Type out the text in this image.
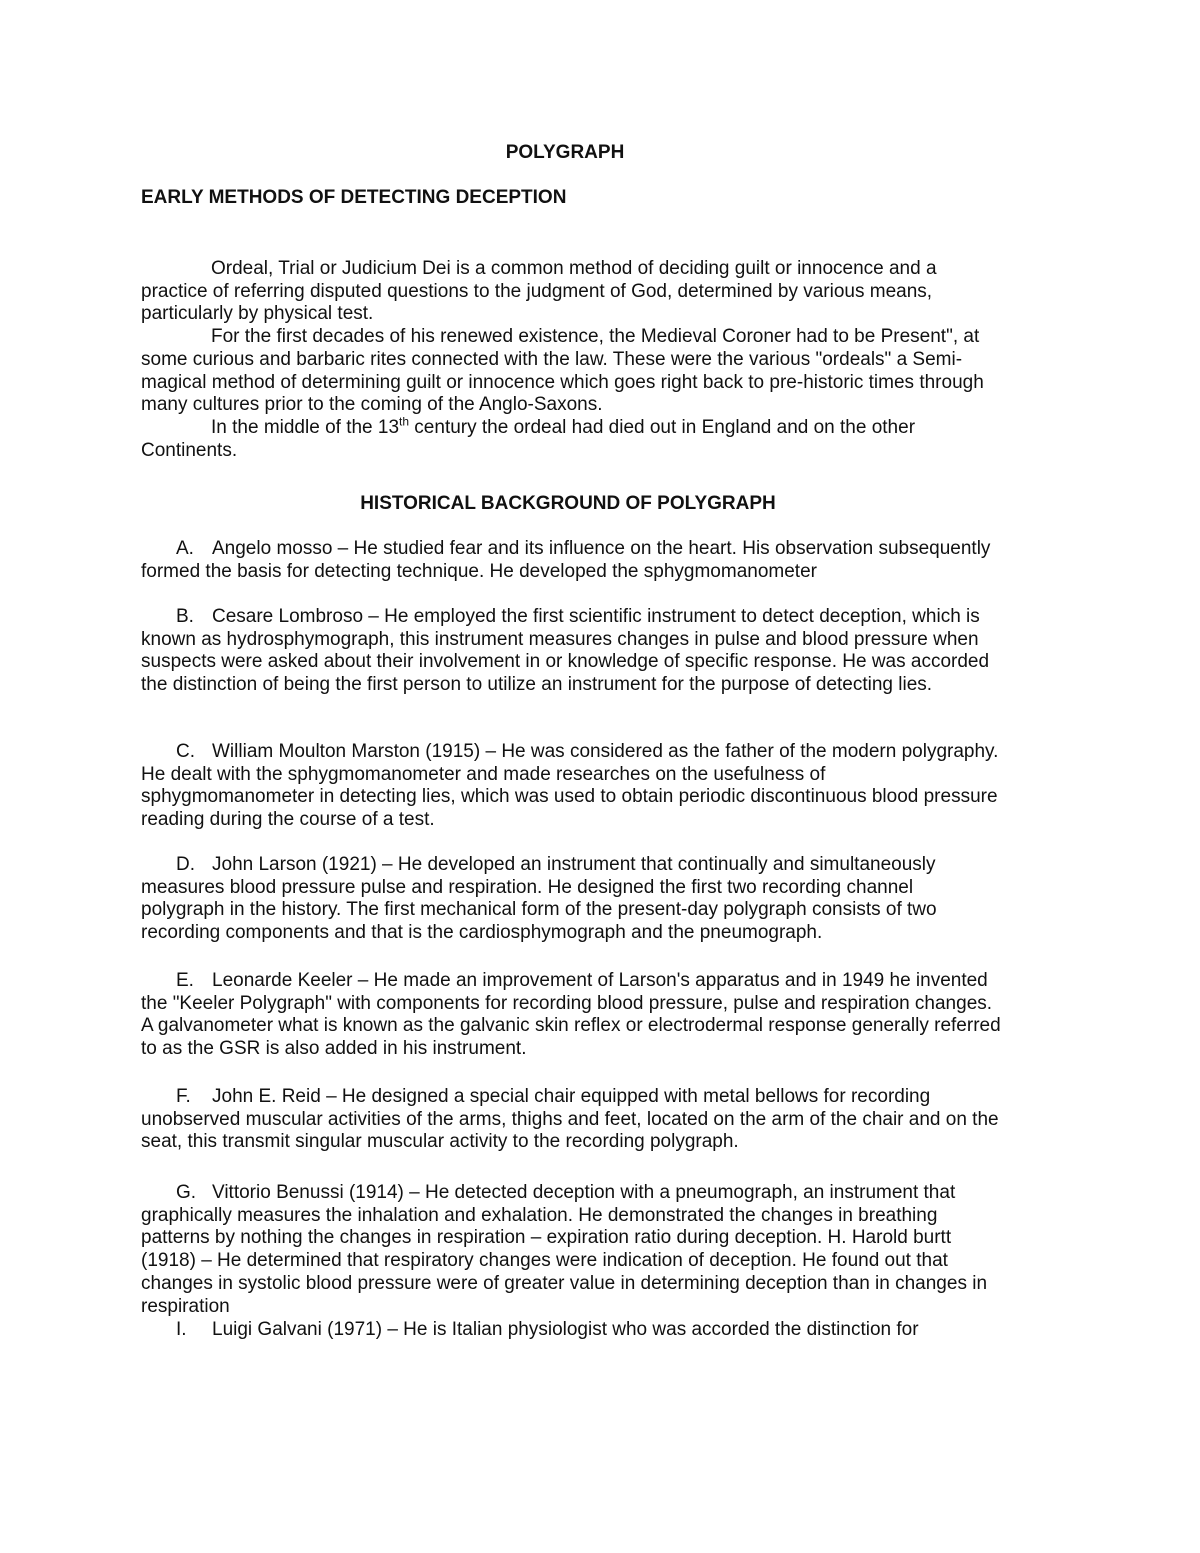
POLYGRAPH
EARLY METHODS OF DETECTING DECEPTION

Ordeal, Trial or Judicium Dei is a common method of deciding guilt or innocence and a practice of referring disputed questions to the judgment of God, determined by various means, particularly by physical test.

For the first decades of his renewed existence, the Medieval Coroner had to be Present", at some curious and barbaric rites connected with the law. These were the various "ordeals" a Semi-magical method of determining guilt or innocence which goes right back to pre-historic times through many cultures prior to the coming of the Anglo-Saxons.

In the middle of the 13th century the ordeal had died out in England and on the other Continents.

HISTORICAL BACKGROUND OF POLYGRAPH

A. Angelo mosso – He studied fear and its influence on the heart. His observation subsequently formed the basis for detecting technique. He developed the sphygmomanometer

B. Cesare Lombroso – He employed the first scientific instrument to detect deception, which is known as hydrosphymograph, this instrument measures changes in pulse and blood pressure when suspects were asked about their involvement in or knowledge of specific response. He was accorded the distinction of being the first person to utilize an instrument for the purpose of detecting lies.

C. William Moulton Marston (1915) – He was considered as the father of the modern polygraphy. He dealt with the sphygmomanometer and made researches on the usefulness of sphygmomanometer in detecting lies, which was used to obtain periodic discontinuous blood pressure reading during the course of a test.

D. John Larson (1921) – He developed an instrument that continually and simultaneously measures blood pressure pulse and respiration. He designed the first two recording channel polygraph in the history. The first mechanical form of the present-day polygraph consists of two recording components and that is the cardiosphymograph and the pneumograph.

E. Leonarde Keeler – He made an improvement of Larson's apparatus and in 1949 he invented the "Keeler Polygraph" with components for recording blood pressure, pulse and respiration changes. A galvanometer what is known as the galvanic skin reflex or electrodermal response generally referred to as the GSR is also added in his instrument.

F. John E. Reid – He designed a special chair equipped with metal bellows for recording unobserved muscular activities of the arms, thighs and feet, located on the arm of the chair and on the seat, this transmit singular muscular activity to the recording polygraph.

G. Vittorio Benussi (1914) – He detected deception with a pneumograph, an instrument that graphically measures the inhalation and exhalation. He demonstrated the changes in breathing patterns by nothing the changes in respiration – expiration ratio during deception. H. Harold burtt (1918) – He determined that respiratory changes were indication of deception. He found out that changes in systolic blood pressure were of greater value in determining deception than in changes in respiration

I. Luigi Galvani (1971) – He is Italian physiologist who was accorded the distinction for
